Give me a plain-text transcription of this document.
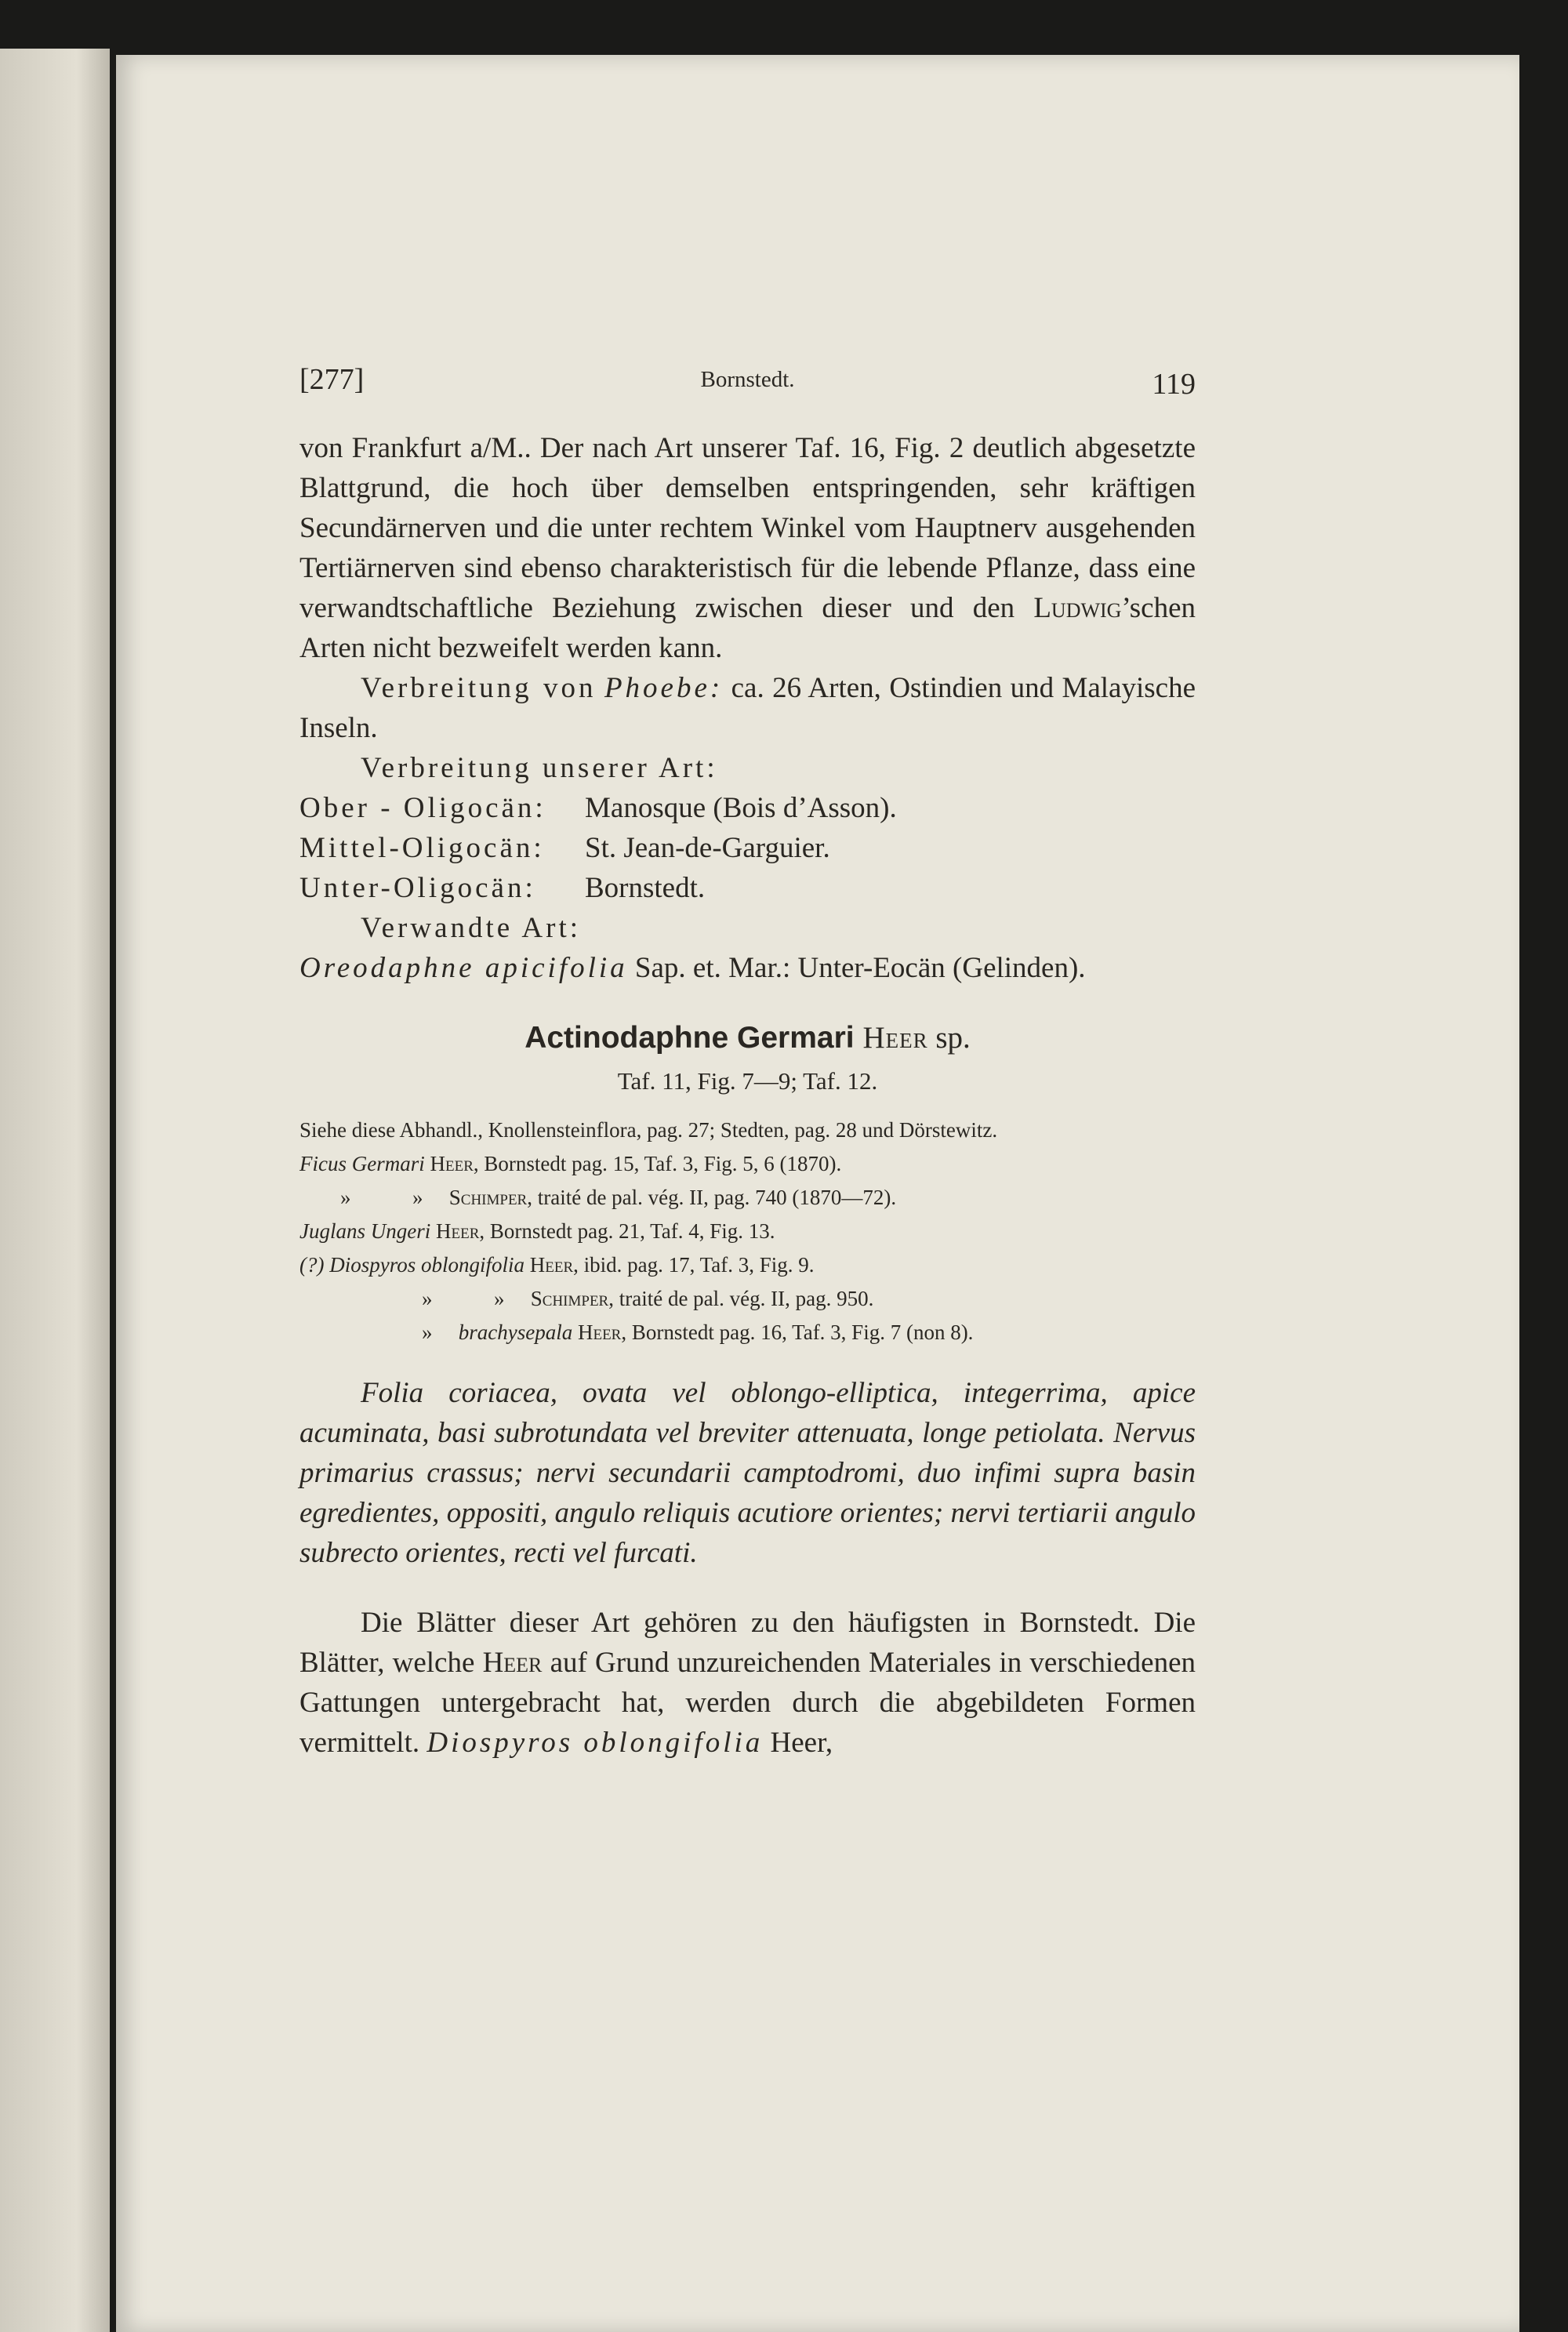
[277]	Bornstedt.	119

von Frankfurt a/M.. Der nach Art unserer Taf. 16, Fig. 2 deutlich abgesetzte Blattgrund, die hoch über demselben entspringenden, sehr kräftigen Secundärnerven und die unter rechtem Winkel vom Hauptnerv ausgehenden Tertiärnerven sind ebenso charakteristisch für die lebende Pflanze, dass eine verwandtschaftliche Beziehung zwischen dieser und den Ludwig’schen Arten nicht bezweifelt werden kann.

Verbreitung von Phoebe: ca. 26 Arten, Ostindien und Malayische Inseln.

Verbreitung unserer Art:

Ober - Oligocän:	Manosque (Bois d’Asson).
Mittel-Oligocän:	St. Jean-de-Garguier.
Unter-Oligocän:	Bornstedt.

Verwandte Art:

Oreodaphne apicifolia Sap. et. Mar.: Unter-Eocän (Gelinden).

Actinodaphne Germari Heer sp.
Taf. 11, Fig. 7—9; Taf. 12.
Siehe diese Abhandl., Knollensteinflora, pag. 27; Stedten, pag. 28 und Dörstewitz.
Ficus Germari Heer, Bornstedt pag. 15, Taf. 3, Fig. 5, 6 (1870).
»	» Schimper, traité de pal. vég. II, pag. 740 (1870—72).
Juglans Ungeri Heer, Bornstedt pag. 21, Taf. 4, Fig. 13.
(?) Diospyros oblongifolia Heer, ibid. pag. 17, Taf. 3, Fig. 9.
»	» Schimper, traité de pal. vég. II, pag. 950.
» brachysepala Heer, Bornstedt pag. 16, Taf. 3, Fig. 7 (non 8).

Folia coriacea, ovata vel oblongo-elliptica, integerrima, apice acuminata, basi subrotundata vel breviter attenuata, longe petiolata. Nervus primarius crassus; nervi secundarii camptodromi, duo infimi supra basin egredientes, oppositi, angulo reliquis acutiore orientes; nervi tertiarii angulo subrecto orientes, recti vel furcati.

Die Blätter dieser Art gehören zu den häufigsten in Bornstedt. Die Blätter, welche Heer auf Grund unzureichenden Materiales in verschiedenen Gattungen untergebracht hat, werden durch die abgebildeten Formen vermittelt. Diospyros oblongifolia Heer,
